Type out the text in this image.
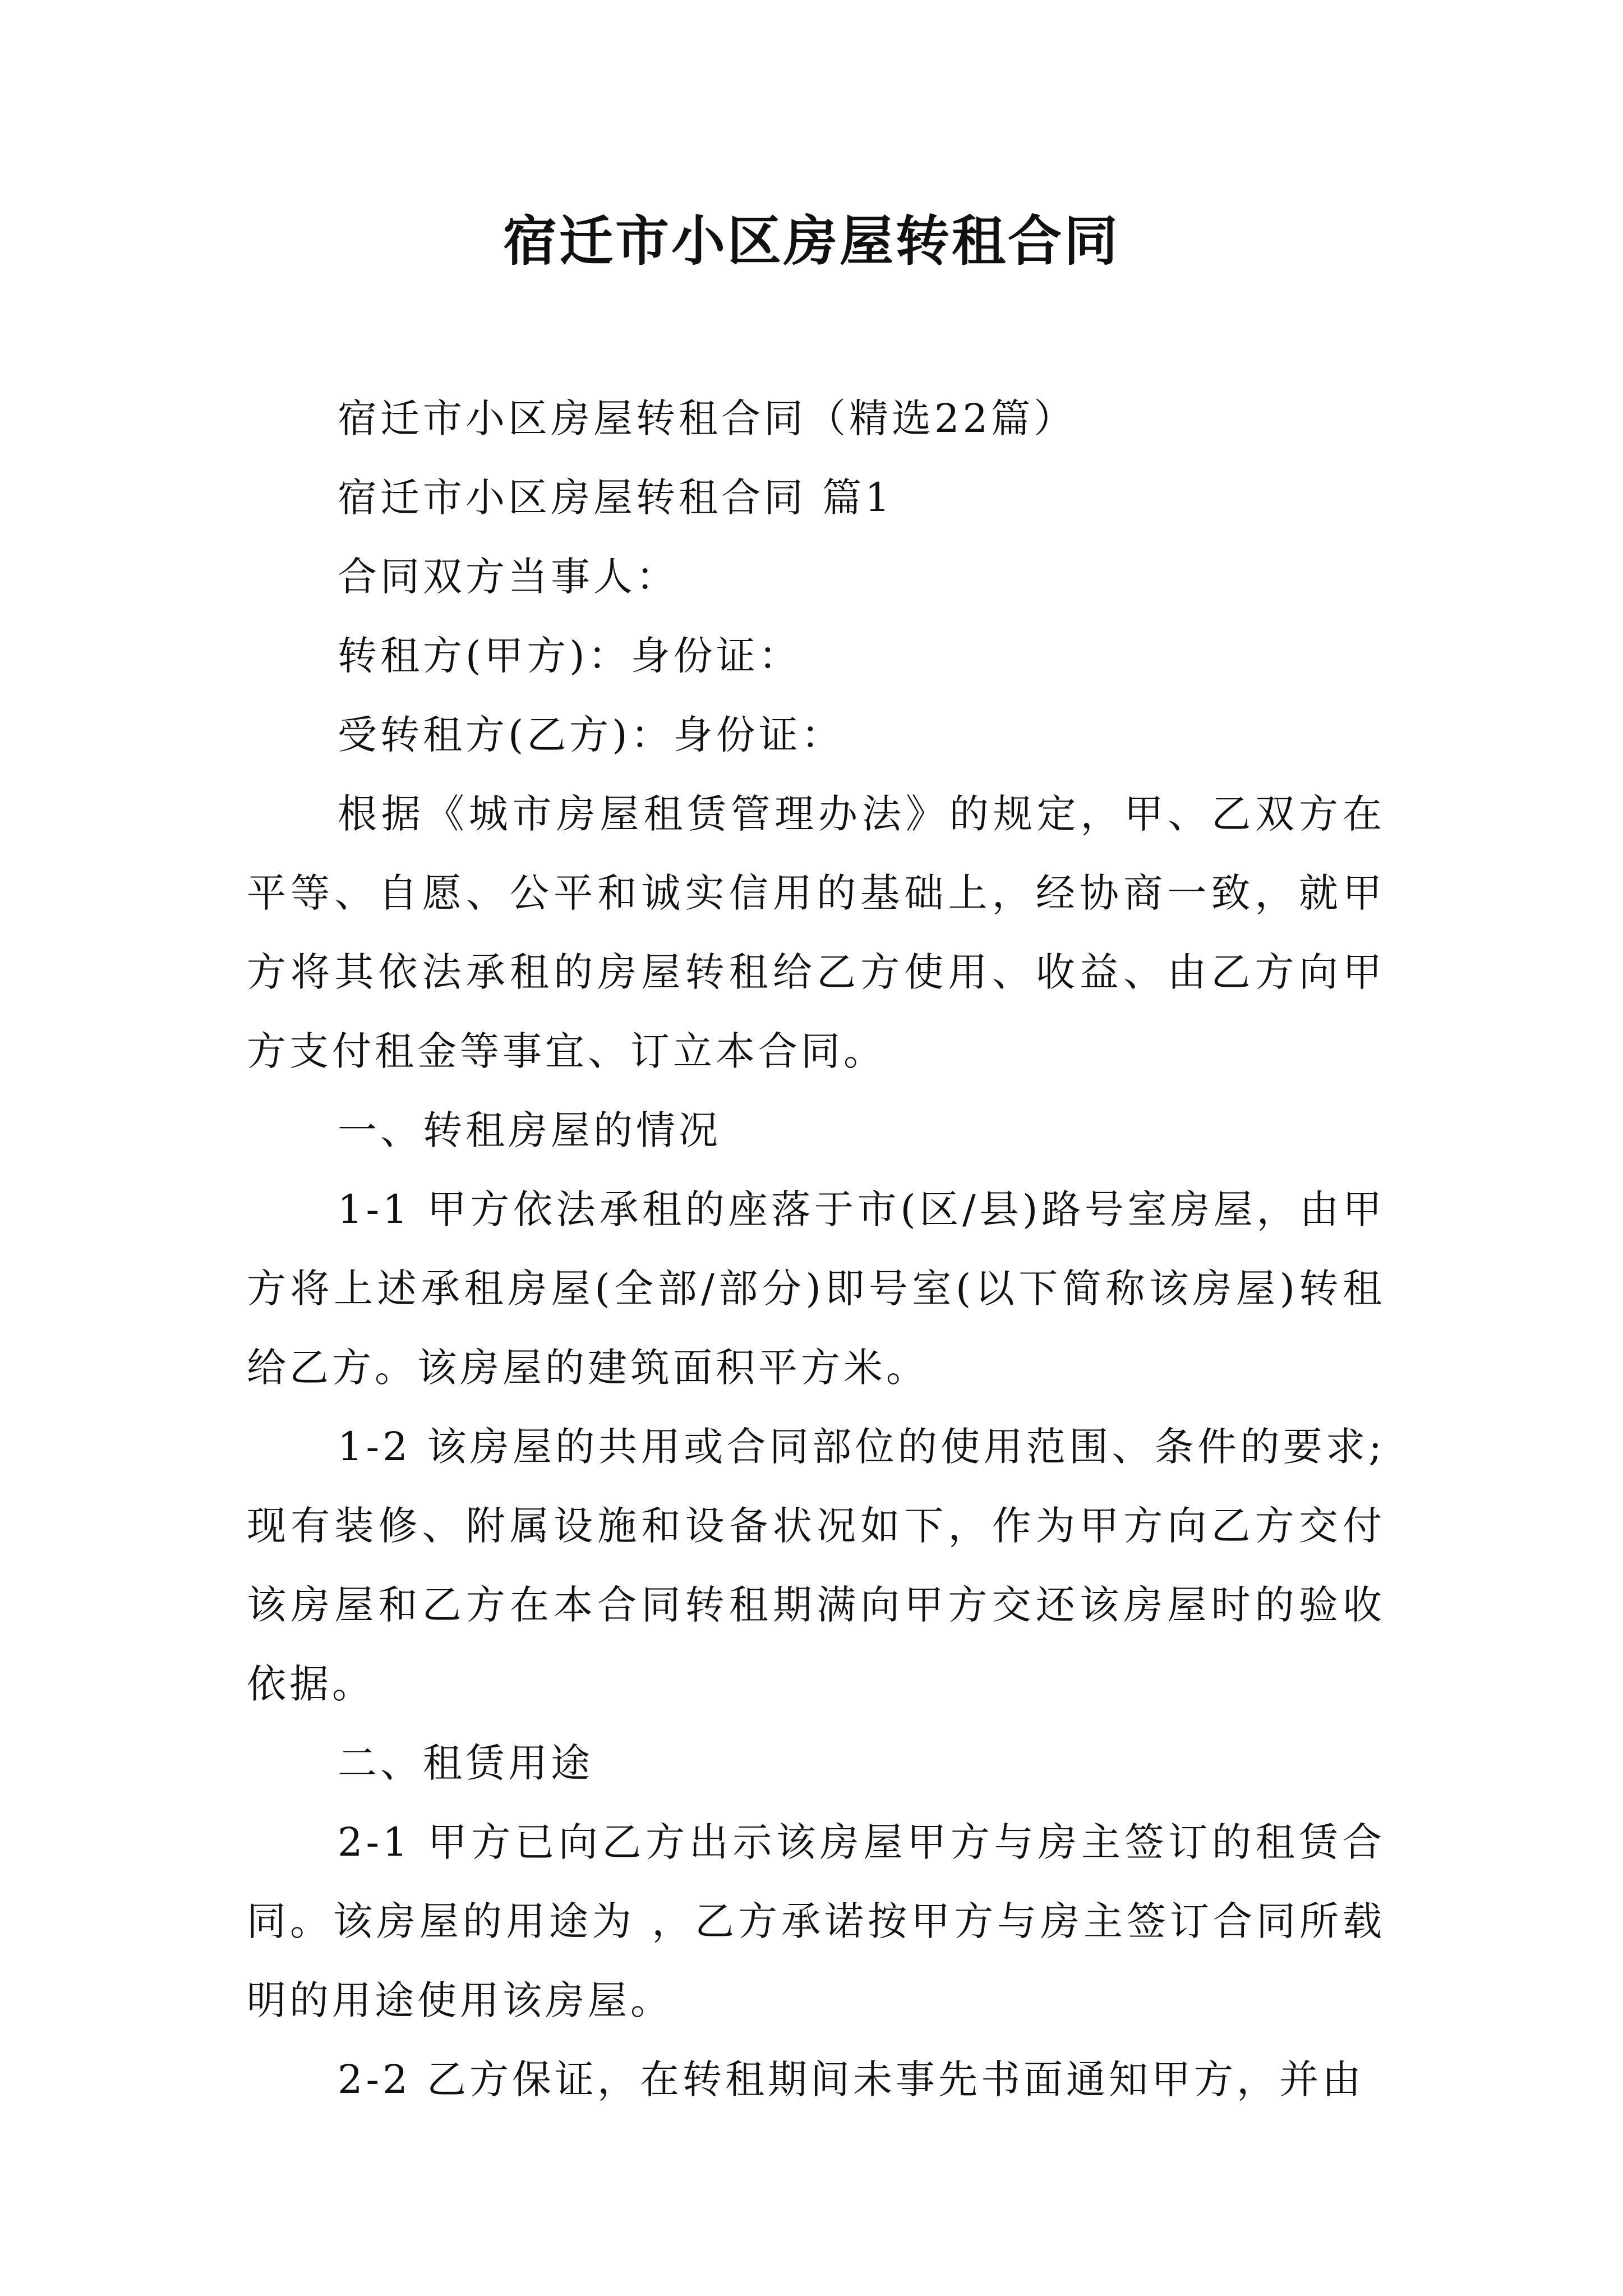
宿迁市小区房屋转租合同

宿迁市小区房屋转租合同（精选22篇）

宿迁市小区房屋转租合同 篇1

合同双方当事人：

转租方(甲方)：身份证：

受转租方(乙方)：身份证：

根据《城市房屋租赁管理办法》的规定，甲、乙双方在平等、自愿、公平和诚实信用的基础上，经协商一致，就甲方将其依法承租的房屋转租给乙方使用、收益、由乙方向甲方支付租金等事宜、订立本合同。

一、转租房屋的情况

1-1 甲方依法承租的座落于市(区/县)路号室房屋，由甲方将上述承租房屋(全部/部分)即号室(以下简称该房屋)转租给乙方。该房屋的建筑面积平方米。

1-2 该房屋的共用或合同部位的使用范围、条件的要求;现有装修、附属设施和设备状况如下，作为甲方向乙方交付该房屋和乙方在本合同转租期满向甲方交还该房屋时的验收依据。

二、租赁用途

2-1 甲方已向乙方出示该房屋甲方与房主签订的租赁合同。该房屋的用途为 ，乙方承诺按甲方与房主签订合同所载明的用途使用该房屋。

2-2 乙方保证，在转租期间未事先书面通知甲方，并由
